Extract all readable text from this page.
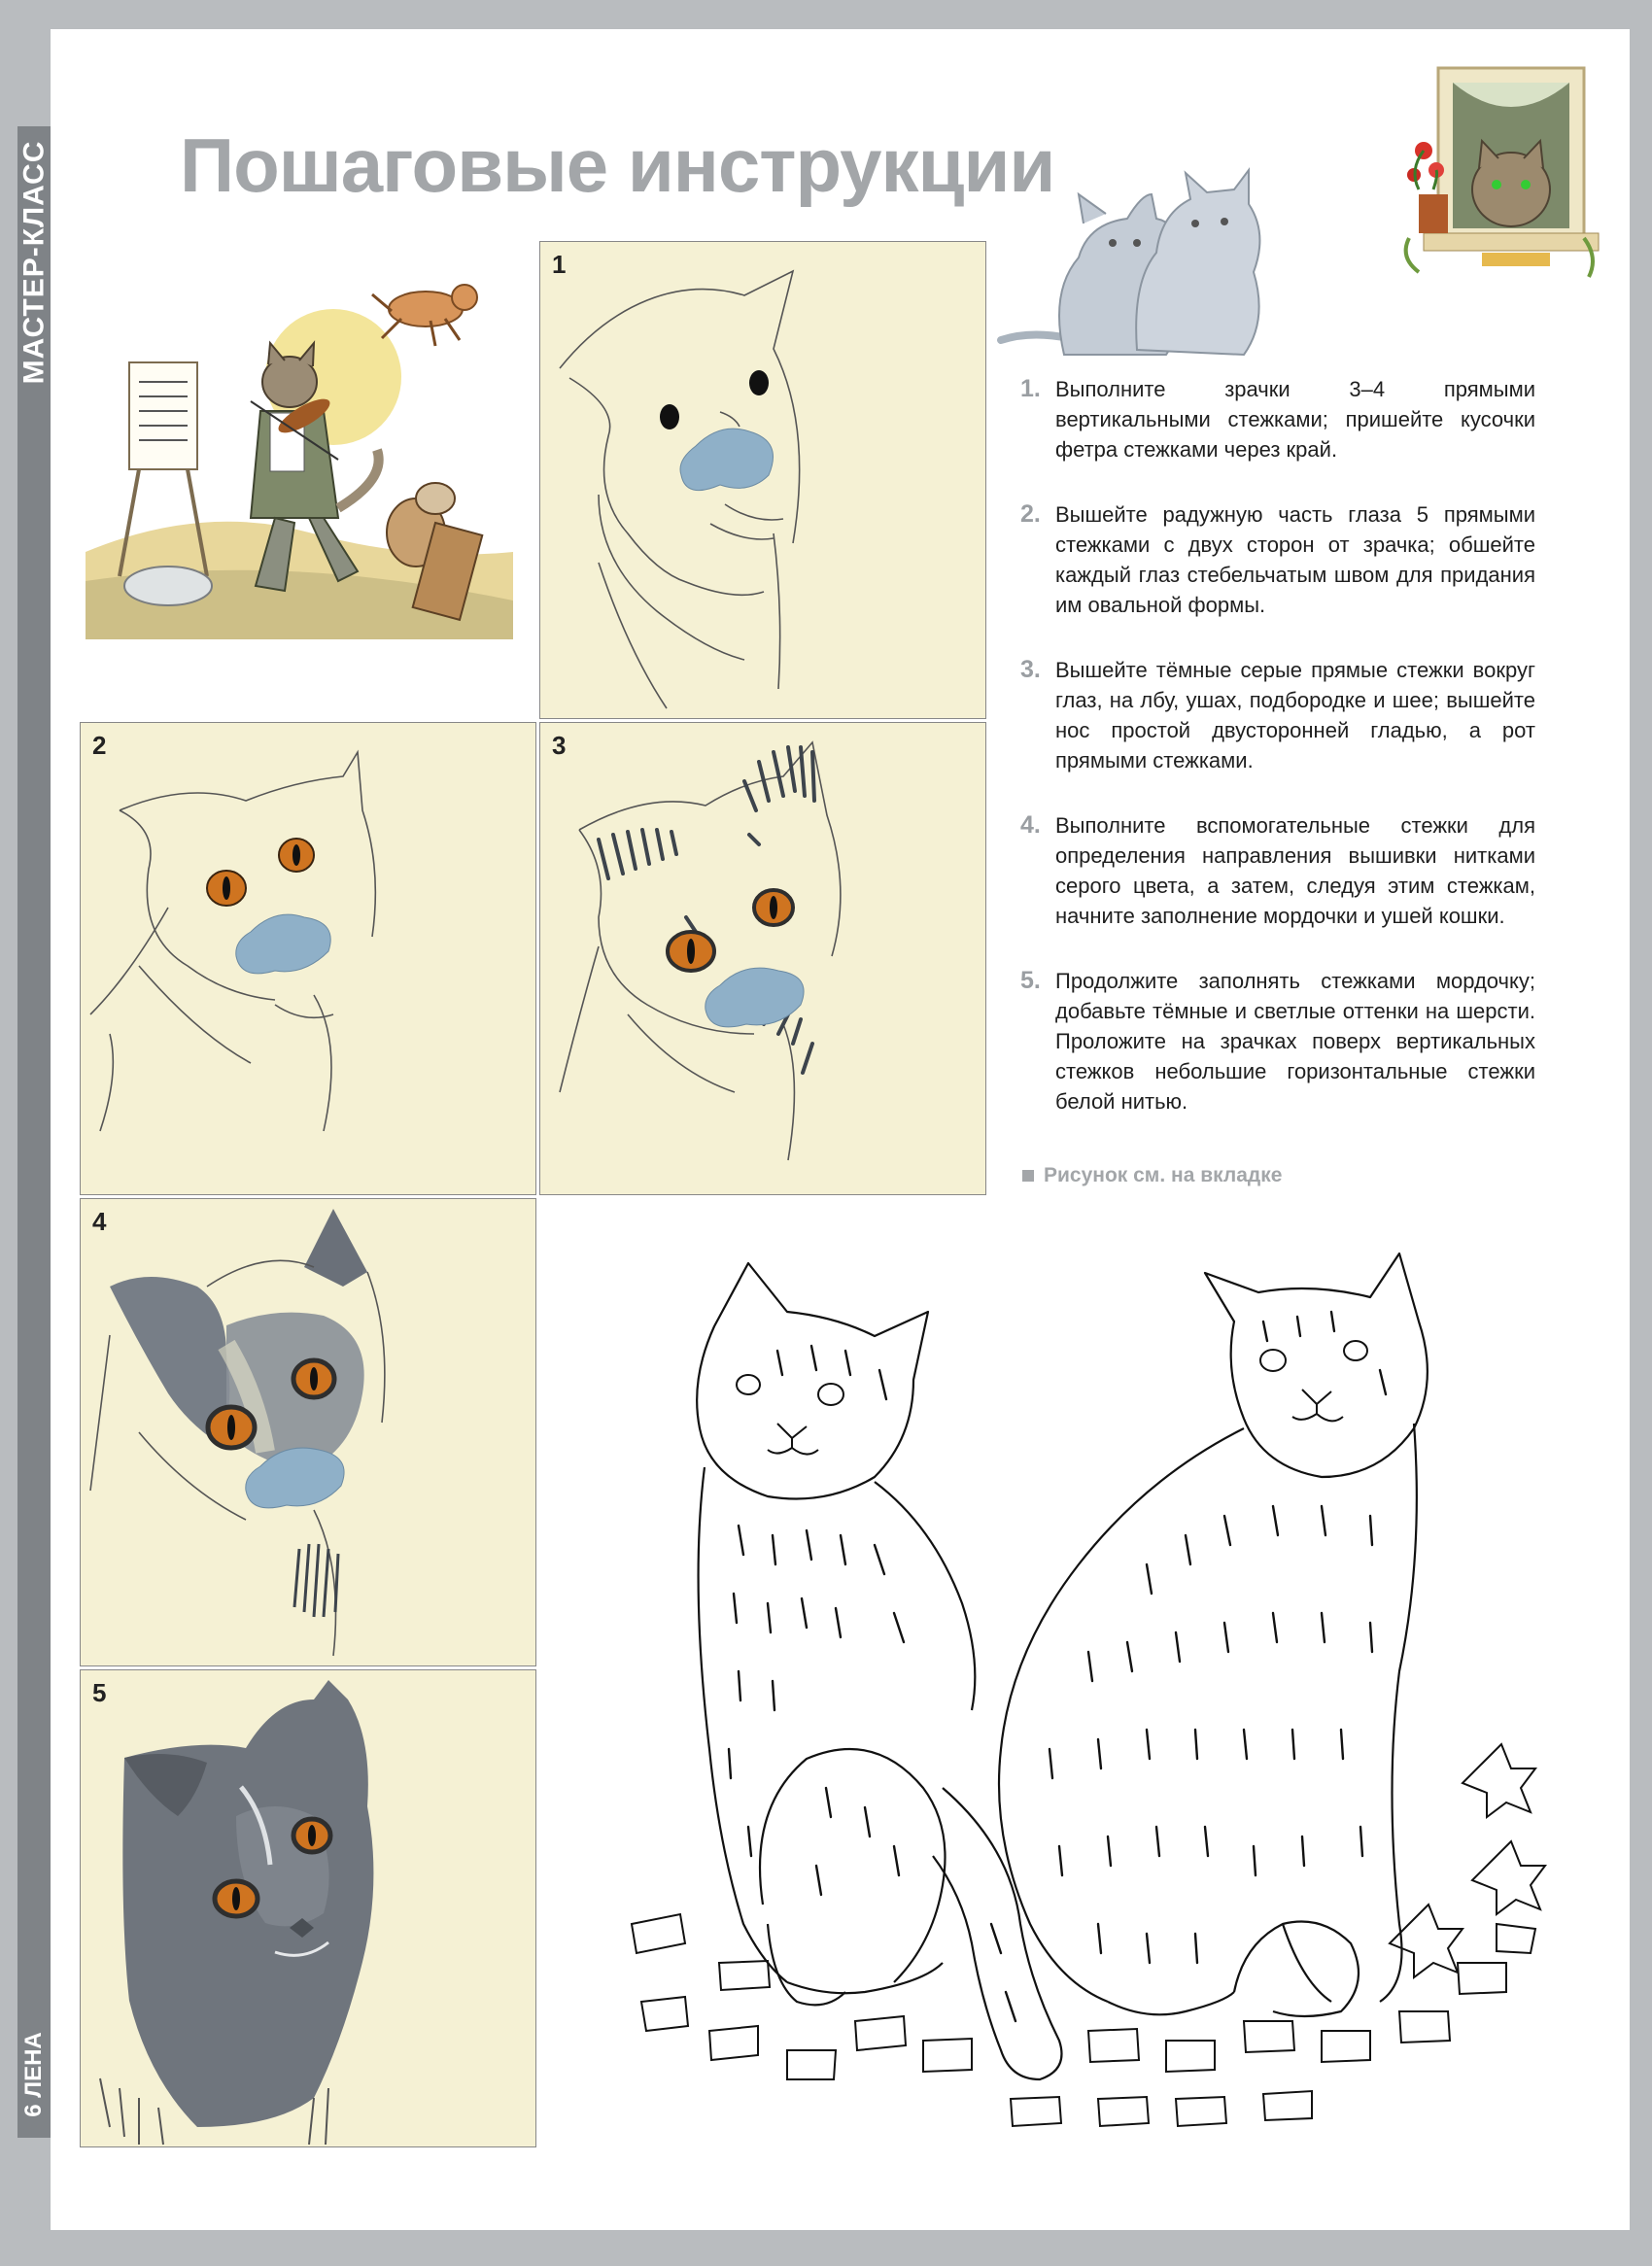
МАСТЕР-КЛАСС
6 ЛЕНА
Пошаговые инструкции
1
2	3
4
5
1. Выполните зрачки 3–4 прямыми вертикальными стежками; пришейте кусочки фетра стежками через край.
2. Вышейте радужную часть глаза 5 прямыми стежками с двух сторон от зрачка; обшейте каждый глаз стебельчатым швом для придания им овальной формы.
3. Вышейте тёмные серые прямые стежки вокруг глаз, на лбу, ушах, подбородке и шее; вышейте нос простой двусторонней гладью, а рот прямыми стежками.
4. Выполните вспомогательные стежки для определения направления вышивки нитками серого цвета, а затем, следуя этим стежкам, начните заполнение мордочки и ушей кошки.
5. Продолжите заполнять стежками мордочку; добавьте тёмные и светлые оттенки на шерсти. Проложите на зрачках поверх вертикальных стежков небольшие горизонтальные стежки белой нитью.
Рисунок см. на вкладке
